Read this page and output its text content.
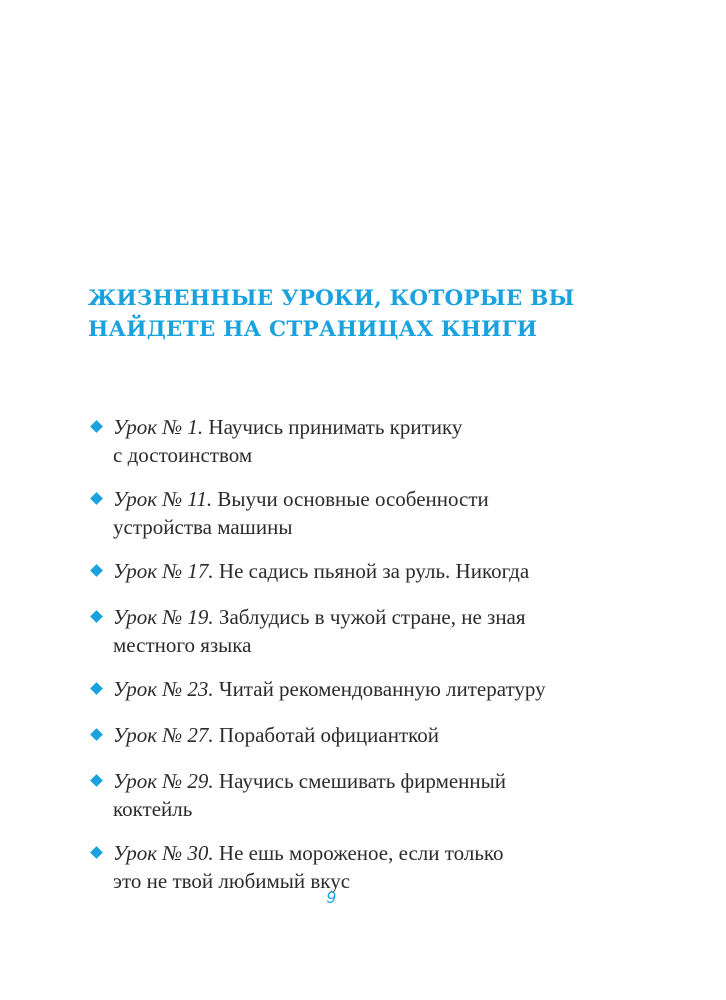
ЖИЗНЕННЫЕ УРОКИ, КОТОРЫЕ ВЫ
НАЙДЕТЕ НА СТРАНИЦАХ КНИГИ
Урок № 1. Научись принимать критику
с достоинством
Урок № 11. Выучи основные особенности
устройства машины
Урок № 17. Не садись пьяной за руль. Никогда
Урок № 19. Заблудись в чужой стране, не зная
местного языка
Урок № 23. Читай рекомендованную литературу
Урок № 27. Поработай официанткой
Урок № 29. Научись смешивать фирменный
коктейль
Урок № 30. Не ешь мороженое, если только
это не твой любимый вкус
9
